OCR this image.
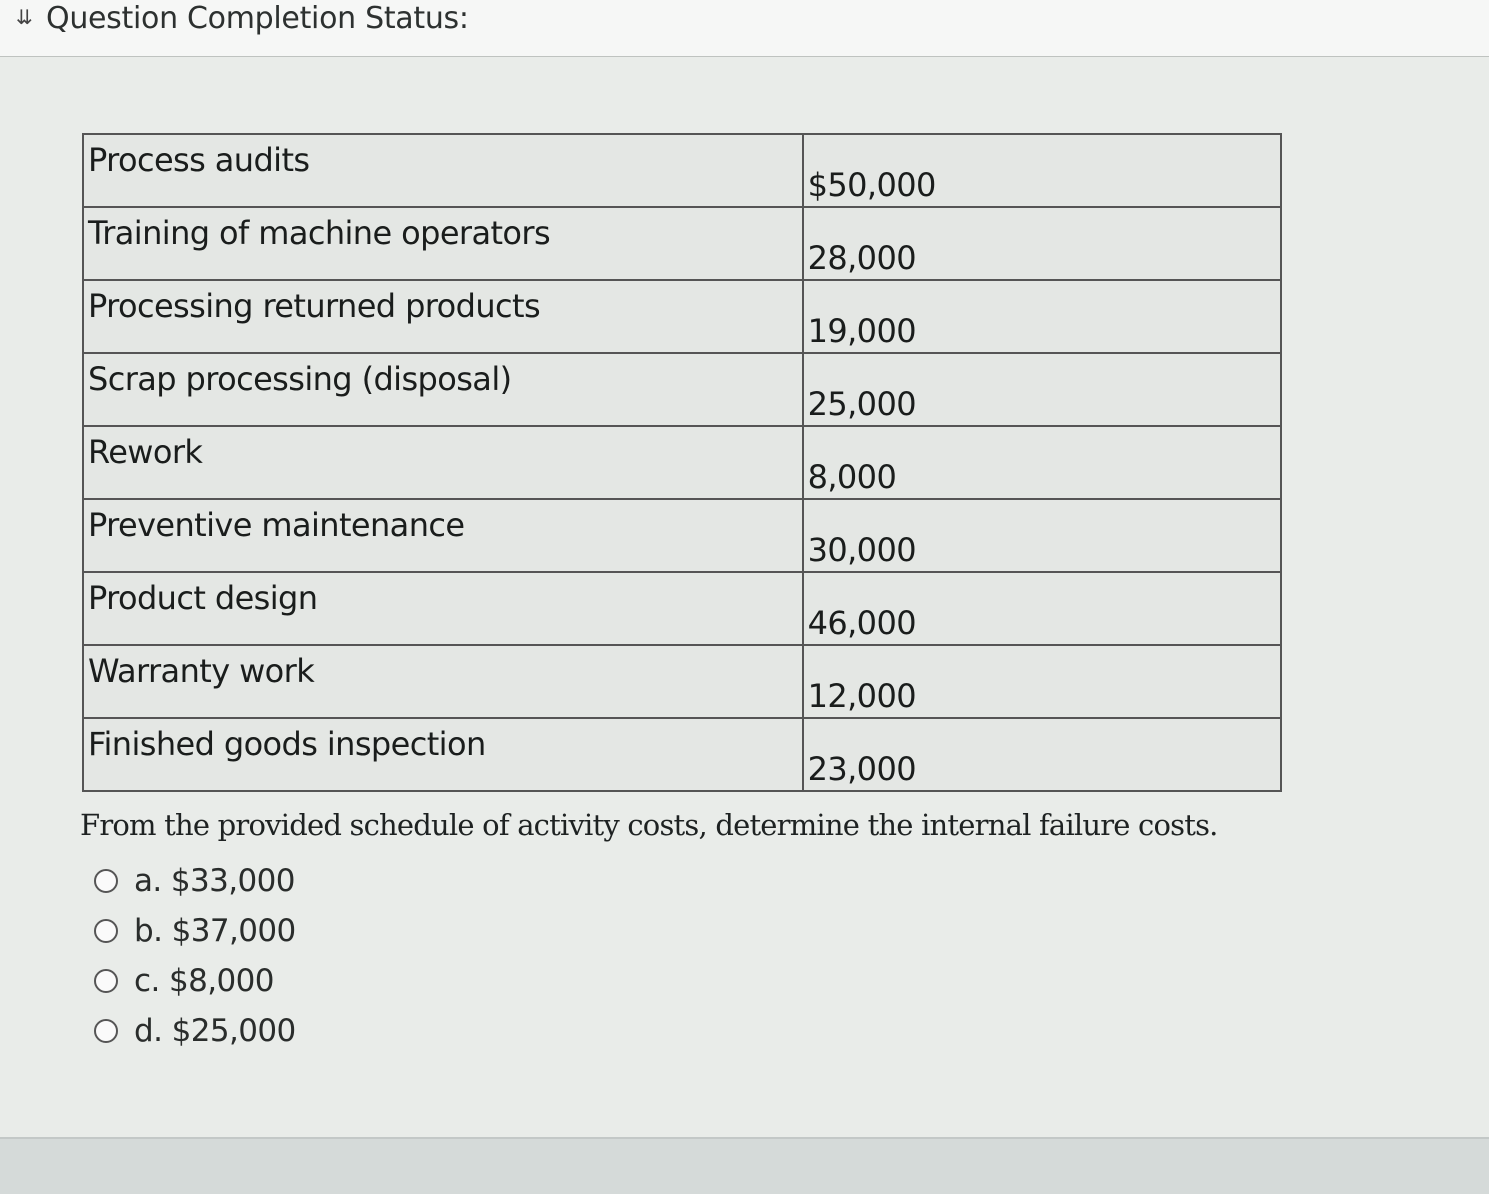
⇊ Question Completion Status:
Process audits	$50,000
Training of machine operators	28,000
Processing returned products	19,000
Scrap processing (disposal)	25,000
Rework	8,000
Preventive maintenance	30,000
Product design	46,000
Warranty work	12,000
Finished goods inspection	23,000
From the provided schedule of activity costs, determine the internal failure costs.
a. $33,000
b. $37,000
c. $8,000
d. $25,000
